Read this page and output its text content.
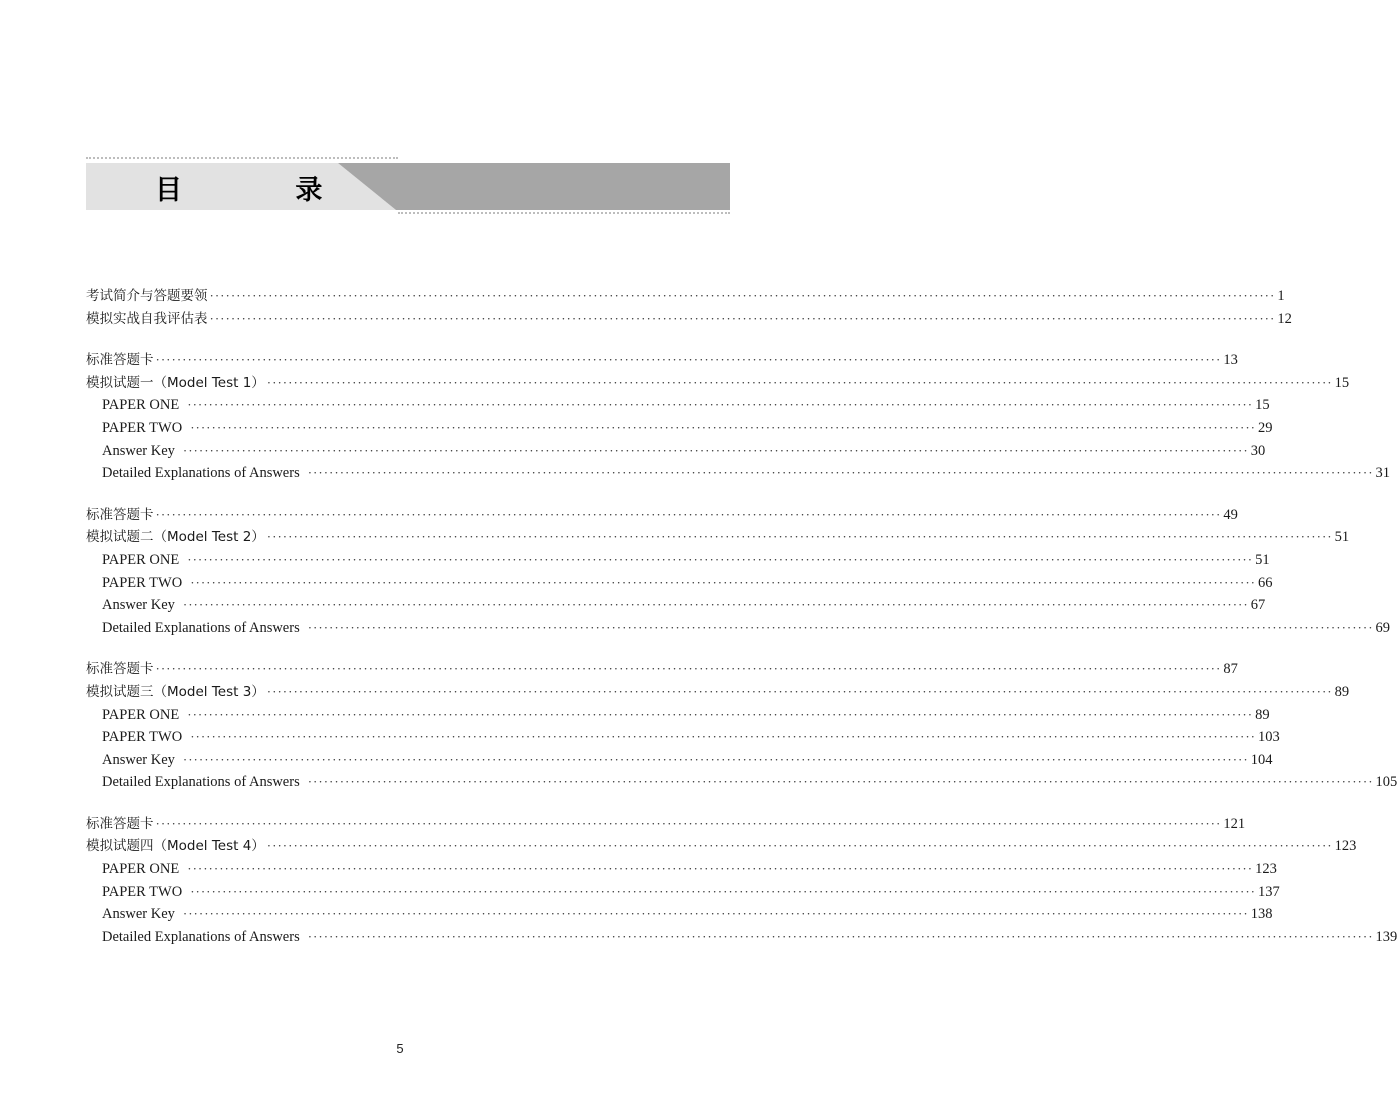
目 录
考试简介与答题要领 ········································································································································································································ 1
模拟实战自我评估表 ········································································································································································································ 12
标准答题卡 ········································································································································································································ 13
模拟试题一（Model Test 1） ········································································································································································································ 15
PAPER ONE ········································································································································································································ 15
PAPER TWO ········································································································································································································ 29
Answer Key ········································································································································································································ 30
Detailed Explanations of Answers ········································································································································································································ 31
标准答题卡 ········································································································································································································ 49
模拟试题二（Model Test 2） ········································································································································································································ 51
PAPER ONE ········································································································································································································ 51
PAPER TWO ········································································································································································································ 66
Answer Key ········································································································································································································ 67
Detailed Explanations of Answers ········································································································································································································ 69
标准答题卡 ········································································································································································································ 87
模拟试题三（Model Test 3） ········································································································································································································ 89
PAPER ONE ········································································································································································································ 89
PAPER TWO ········································································································································································································ 103
Answer Key ········································································································································································································ 104
Detailed Explanations of Answers ········································································································································································································ 105
标准答题卡 ········································································································································································································ 121
模拟试题四（Model Test 4） ········································································································································································································ 123
PAPER ONE ········································································································································································································ 123
PAPER TWO ········································································································································································································ 137
Answer Key ········································································································································································································ 138
Detailed Explanations of Answers ········································································································································································································ 139
5
